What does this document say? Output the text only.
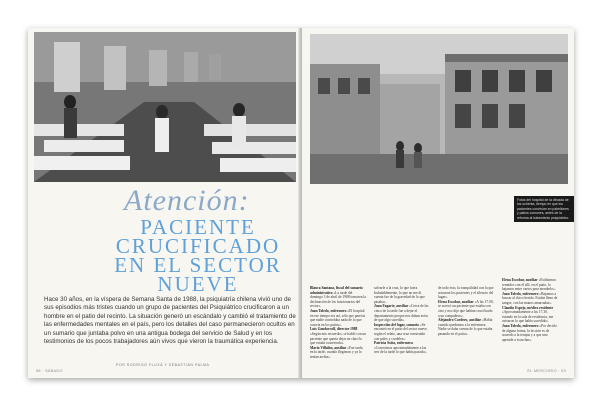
Atención:
PACIENTE
CRUCIFICADO
EN EL SECTOR
NUEVE
Hace 30 años, en la víspera de Semana Santa de 1988, la psiquiatría chilena vivió uno de sus episodios más tristes cuando un grupo de pacientes del Psiquiátrico crucificaron a un hombre en el patio del recinto. La situación generó un escándalo y cambió el tratamiento de las enfermedades mentales en el país, pero los detalles del caso permanecieron ocultos en un sumario que juntaba polvo en una antigua bodega del servicio de Salud y en los testimonios de los pocos trabajadores aún vivos que vieron la traumática experiencia.
POR RODRIGO FLUXÁ Y SEBASTIÁN PALMA
58 · SÁBADO
Fotos del hospital de la década de los ochenta, tiempo en que los pacientes convivían en pabellones y patios comunes, antes de la reforma al tratamiento psiquiátrico.
Blanca Santana, fiscal del sumario administrativo «La tarde del domingo 3 de abril de 1988 tomaron la declaración de los funcionarios del sector».
Juan Toledo, enfermero «El hospital en ese tiempo era así, sólo que parecía que nadie controlaba nada de lo que ocurría en los patios».
Luis Gondorcolf, director 1988 «Según mis recuerdos, se habló con un paciente que quería dejar en claro lo que estaba ocurriendo».
Mario Villalón, auxiliar «Fue tarde, en la tarde, cuando llegamos y ya lo tenían arriba».
salvarle a la cruz, lo que fuera. Indudablemente, lo que no me di cuenta fue de la gravedad de lo que pasaba».
Juan Fagarte, auxiliar «Cerca de las cinco de la tarde fue a dejar el departamento porque nos daban aviso de que algo sucedía».
Inspección del lugar, sumario «Se encontró en el patio del sector nueve, según el relato, una cruz construida con palos y cordeles».
Patricia Sotta, enfermera «Conocimos aproximadamente a las tres de la tarde lo que había pasado».
de todo esto, la tranquilidad con la que actuaron los pacientes y el silencio del lugar».
Elena Escobar, auxiliar «A las 17.00, se acercó un paciente que estaba con otro y nos dijo que habían crucificado a un compañero».
Alejandro Cordero, auxiliar «Había cuando quedamos a la enfermera. Nadie se daba cuenta de lo que estaba pasando en el patio».
Elena Escobar, auxiliar «Estábamos reunidos con él allí, en el patio, lo bajamos entre varios para atenderlo».
Juan Toledo, enfermero «Bajamos a buscar al chico herido. Estaba lleno de sangre, con las manos amarradas».
Claudio Espejo, médico residente «Aproximadamente a las 17.30, estando en la sala de residencia, me avisaron lo que había sucedido».
Juan Toledo, enfermero «Por decirlo de alguna forma, la lección es de acuerdo a la terapia y a que uno aprende a escuchar».
EL MERCURIO · 59
